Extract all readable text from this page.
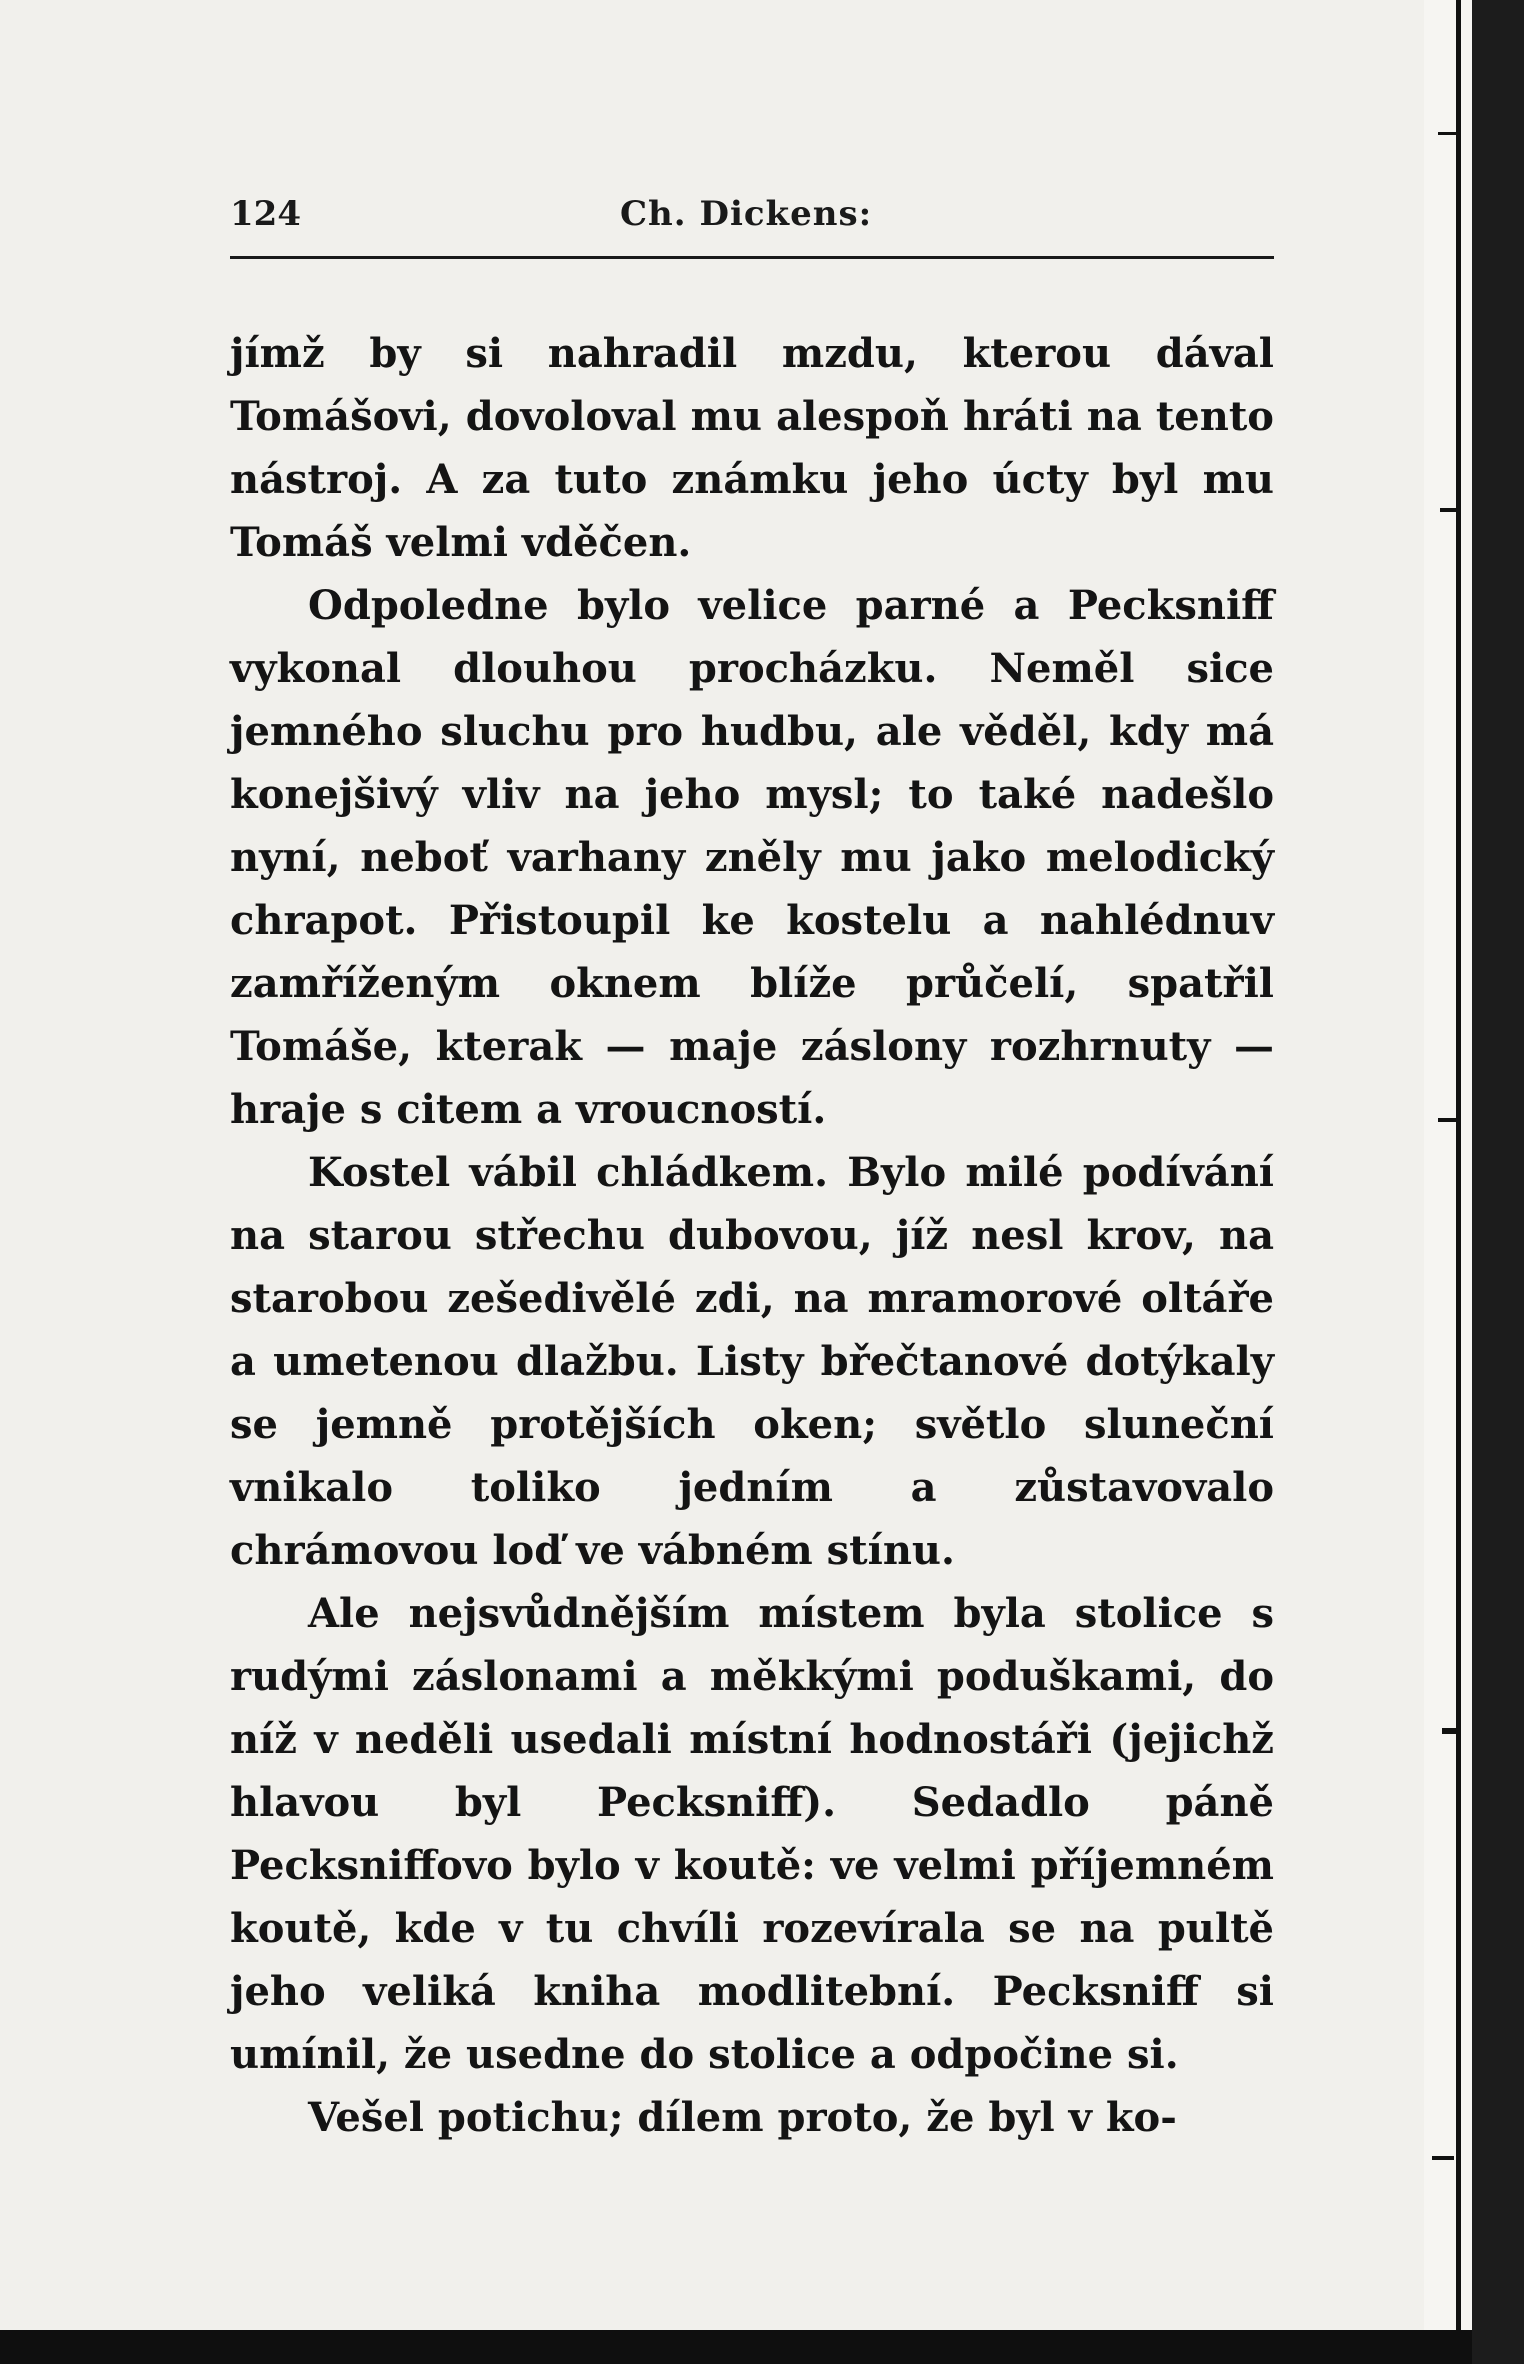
124	Ch. Dickens:

jímž by si nahradil mzdu, kterou dával Tomášovi, dovoloval mu alespoň hráti na tento nástroj. A za tuto známku jeho úcty byl mu Tomáš velmi vděčen.

Odpoledne bylo velice parné a Pecksniff vykonal dlouhou procházku. Neměl sice jemného sluchu pro hudbu, ale věděl, kdy má konejšivý vliv na jeho mysl; to také nadešlo nyní, neboť varhany zněly mu jako melodický chrapot. Přistoupil ke kostelu a nahlédnuv zamříženým oknem blíže průčelí, spatřil Tomáše, kterak — maje záslony rozhrnuty — hraje s citem a vroucností.

Kostel vábil chládkem. Bylo milé podívání na starou střechu dubovou, jíž nesl krov, na starobou zešedivělé zdi, na mramorové oltáře a umetenou dlažbu. Listy břečtanové dotýkaly se jemně protějších oken; světlo sluneční vnikalo toliko jedním a zůstavovalo chrámovou loď ve vábném stínu.

Ale nejsvůdnějším místem byla stolice s rudými záslonami a měkkými poduškami, do níž v neděli usedali místní hodnostáři (jejichž hlavou byl Pecksniff). Sedadlo páně Pecksniffovo bylo v koutě: ve velmi příjemném koutě, kde v tu chvíli rozevírala se na pultě jeho veliká kniha modlitební. Pecksniff si umínil, že usedne do stolice a odpočine si.

Vešel potichu; dílem proto, že byl v ko-
